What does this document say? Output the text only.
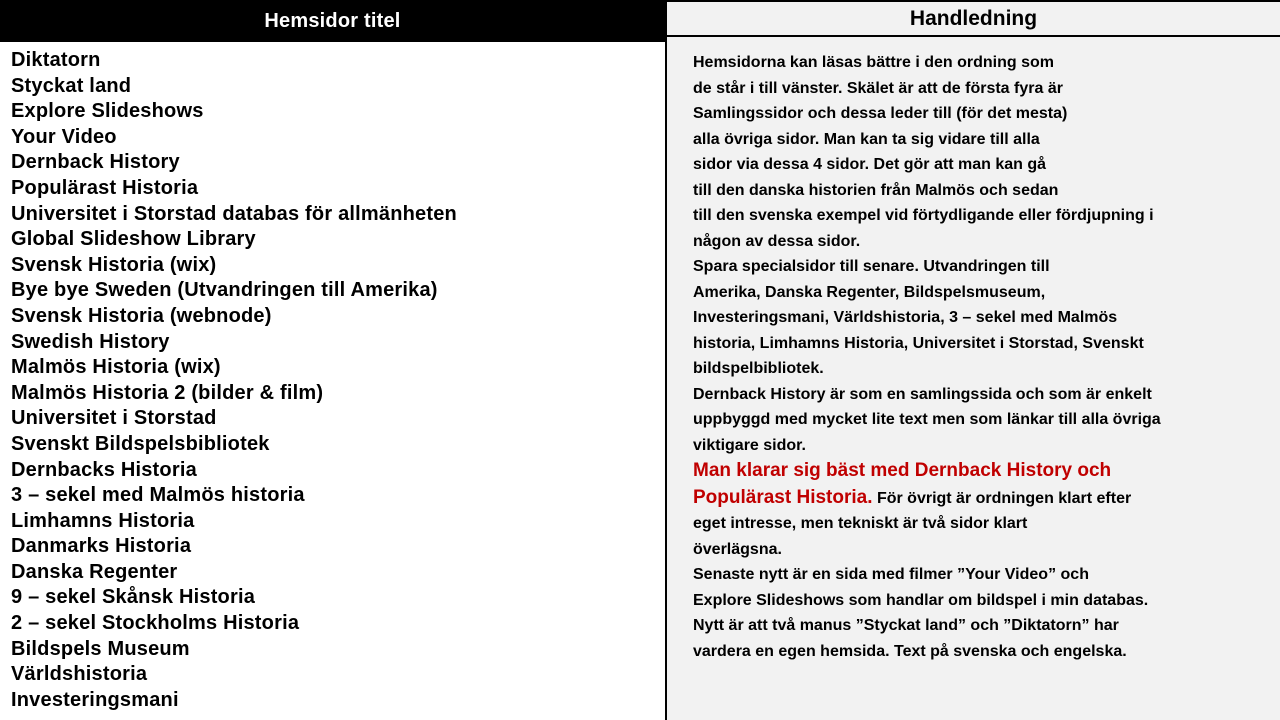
Hemsidor titel
Diktatorn
Styckat land
Explore Slideshows
Your Video
Dernback History
Populärast Historia
Universitet i Storstad databas för allmänheten
Global Slideshow Library
Svensk Historia (wix)
Bye bye Sweden (Utvandringen till Amerika)
Svensk Historia (webnode)
Swedish History
Malmös Historia (wix)
Malmös Historia 2 (bilder & film)
Universitet i Storstad
Svenskt Bildspelsbibliotek
Dernbacks Historia
3 – sekel med Malmös historia
Limhamns Historia
Danmarks Historia
Danska Regenter
9 – sekel Skånsk Historia
2 – sekel Stockholms Historia
Bildspels Museum
Världshistoria
Investeringsmani
Handledning
Hemsidorna kan läsas bättre i den ordning som
de står i till vänster. Skälet är att de första fyra är
Samlingssidor och dessa leder till (för det mesta)
alla övriga sidor. Man kan ta sig vidare till alla
sidor via dessa 4 sidor. Det gör att man kan gå
till den danska historien från Malmös och sedan
till den svenska exempel vid förtydligande eller fördjupning i
någon av dessa sidor.
Spara specialsidor till senare. Utvandringen till
Amerika, Danska Regenter, Bildspelsmuseum,
Investeringsmani, Världshistoria, 3 – sekel med Malmös
historia, Limhamns Historia, Universitet i Storstad, Svenskt
bildspelbibliotek.
Dernback History är som en samlingssida och som är enkelt
uppbyggd med mycket lite text men som länkar till alla övriga
viktigare sidor.
Man klarar sig bäst med Dernback History och
Populärast Historia. För övrigt är ordningen klart efter
eget intresse, men tekniskt är två sidor klart
överlägsna.
Senaste nytt är en sida med filmer ”Your Video” och
Explore Slideshows som handlar om bildspel i min databas.
Nytt är att två manus ”Styckat land” och ”Diktatorn” har
vardera en egen hemsida. Text på svenska och engelska.
